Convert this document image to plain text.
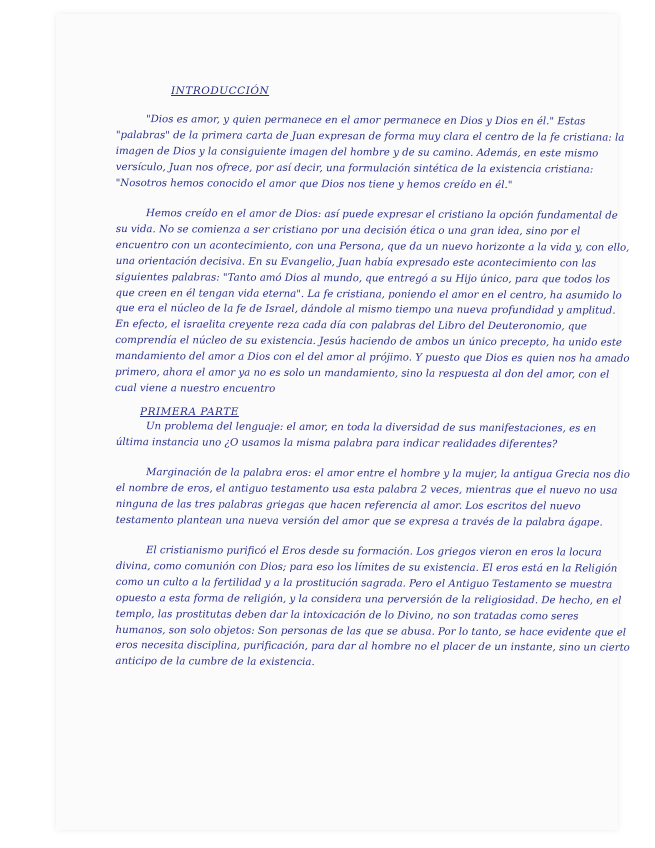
INTRODUCCIÓN

"Dios es amor, y quien permanece en el amor permanece en Dios y Dios en él." Estas "palabras" de la primera carta de Juan expresan de forma muy clara el centro de la fe cristiana: la imagen de Dios y la consiguiente imagen del hombre y de su camino. Además, en este mismo versículo, Juan nos ofrece, por así decir, una formulación sintética de la existencia cristiana: "Nosotros hemos conocido el amor que Dios nos tiene y hemos creído en él."

Hemos creído en el amor de Dios: así puede expresar el cristiano la opción fundamental de su vida. No se comienza a ser cristiano por una decisión ética o una gran idea, sino por el encuentro con un acontecimiento, con una Persona, que da un nuevo horizonte a la vida y, con ello, una orientación decisiva. En su Evangelio, Juan había expresado este acontecimiento con las siguientes palabras: "Tanto amó Dios al mundo, que entregó a su Hijo único, para que todos los que creen en él tengan vida eterna". La fe cristiana, poniendo el amor en el centro, ha asumido lo que era el núcleo de la fe de Israel, dándole al mismo tiempo una nueva profundidad y amplitud. En efecto, el israelita creyente reza cada día con palabras del Libro del Deuteronomio, que comprendía el núcleo de su existencia. Jesús haciendo de ambos un único precepto, ha unido este mandamiento del amor a Dios con el del amor al prójimo. Y puesto que Dios es quien nos ha amado primero, ahora el amor ya no es solo un mandamiento, sino la respuesta al don del amor, con el cual viene a nuestro encuentro

PRIMERA PARTE

Un problema del lenguaje: el amor, en toda la diversidad de sus manifestaciones, es en última instancia uno ¿O usamos la misma palabra para indicar realidades diferentes?

Marginación de la palabra eros: el amor entre el hombre y la mujer, la antigua Grecia nos dio el nombre de eros, el antiguo testamento usa esta palabra 2 veces, mientras que el nuevo no usa ninguna de las tres palabras griegas que hacen referencia al amor. Los escritos del nuevo testamento plantean una nueva versión del amor que se expresa a través de la palabra ágape.

El cristianismo purificó el Eros desde su formación. Los griegos vieron en eros la locura divina, como comunión con Dios; para eso los límites de su existencia. El eros está en la Religión como un culto a la fertilidad y a la prostitución sagrada. Pero el Antiguo Testamento se muestra opuesto a esta forma de religión, y la considera una perversión de la religiosidad. De hecho, en el templo, las prostitutas deben dar la intoxicación de lo Divino, no son tratadas como seres humanos, son solo objetos: Son personas de las que se abusa. Por lo tanto, se hace evidente que el eros necesita disciplina, purificación, para dar al hombre no el placer de un instante, sino un cierto anticipo de la cumbre de la existencia.
